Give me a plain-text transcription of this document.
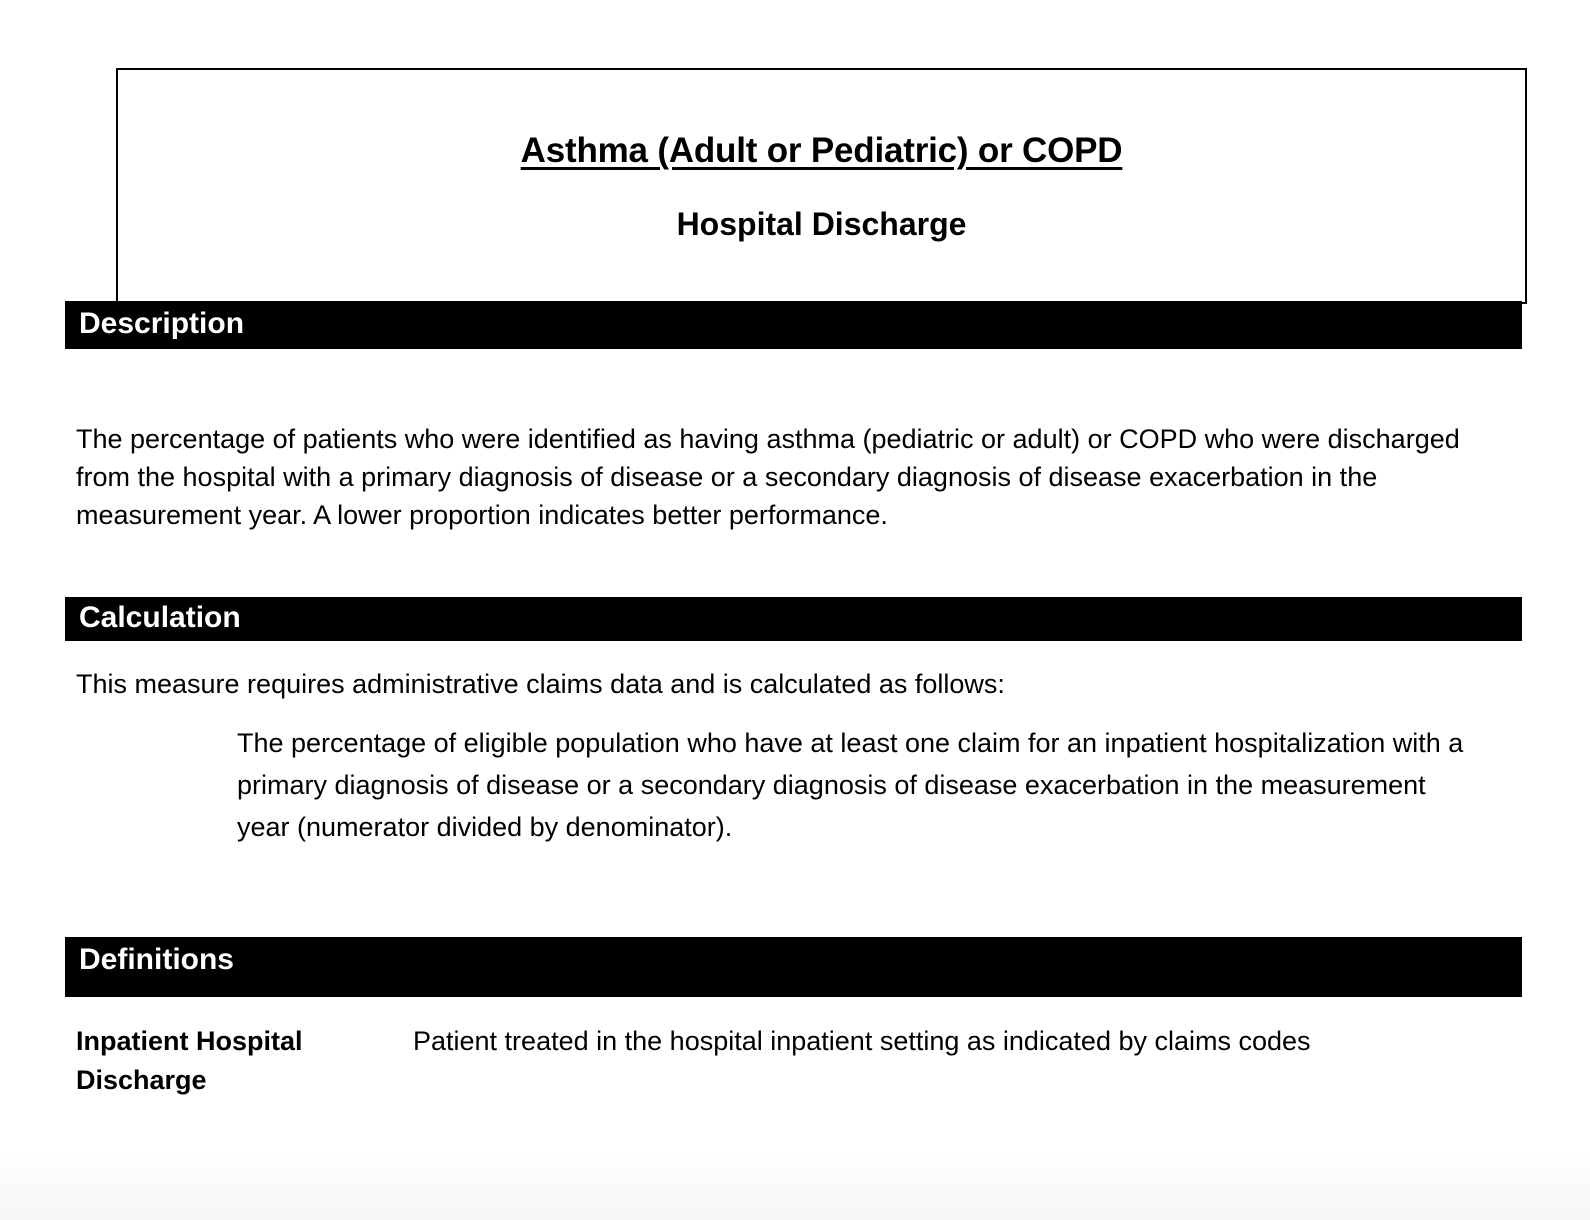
Asthma (Adult or Pediatric) or COPD
Hospital Discharge
Description
The percentage of patients who were identified as having asthma (pediatric or adult) or COPD who were discharged from the hospital with a primary diagnosis of disease or a secondary diagnosis of disease exacerbation in the measurement year. A lower proportion indicates better performance.
Calculation
This measure requires administrative claims data and is calculated as follows:
The percentage of eligible population who have at least one claim for an inpatient hospitalization with a primary diagnosis of disease or a secondary diagnosis of disease exacerbation in the measurement year (numerator divided by denominator).
Definitions
Inpatient Hospital Discharge	Patient treated in the hospital inpatient setting as indicated by claims codes
